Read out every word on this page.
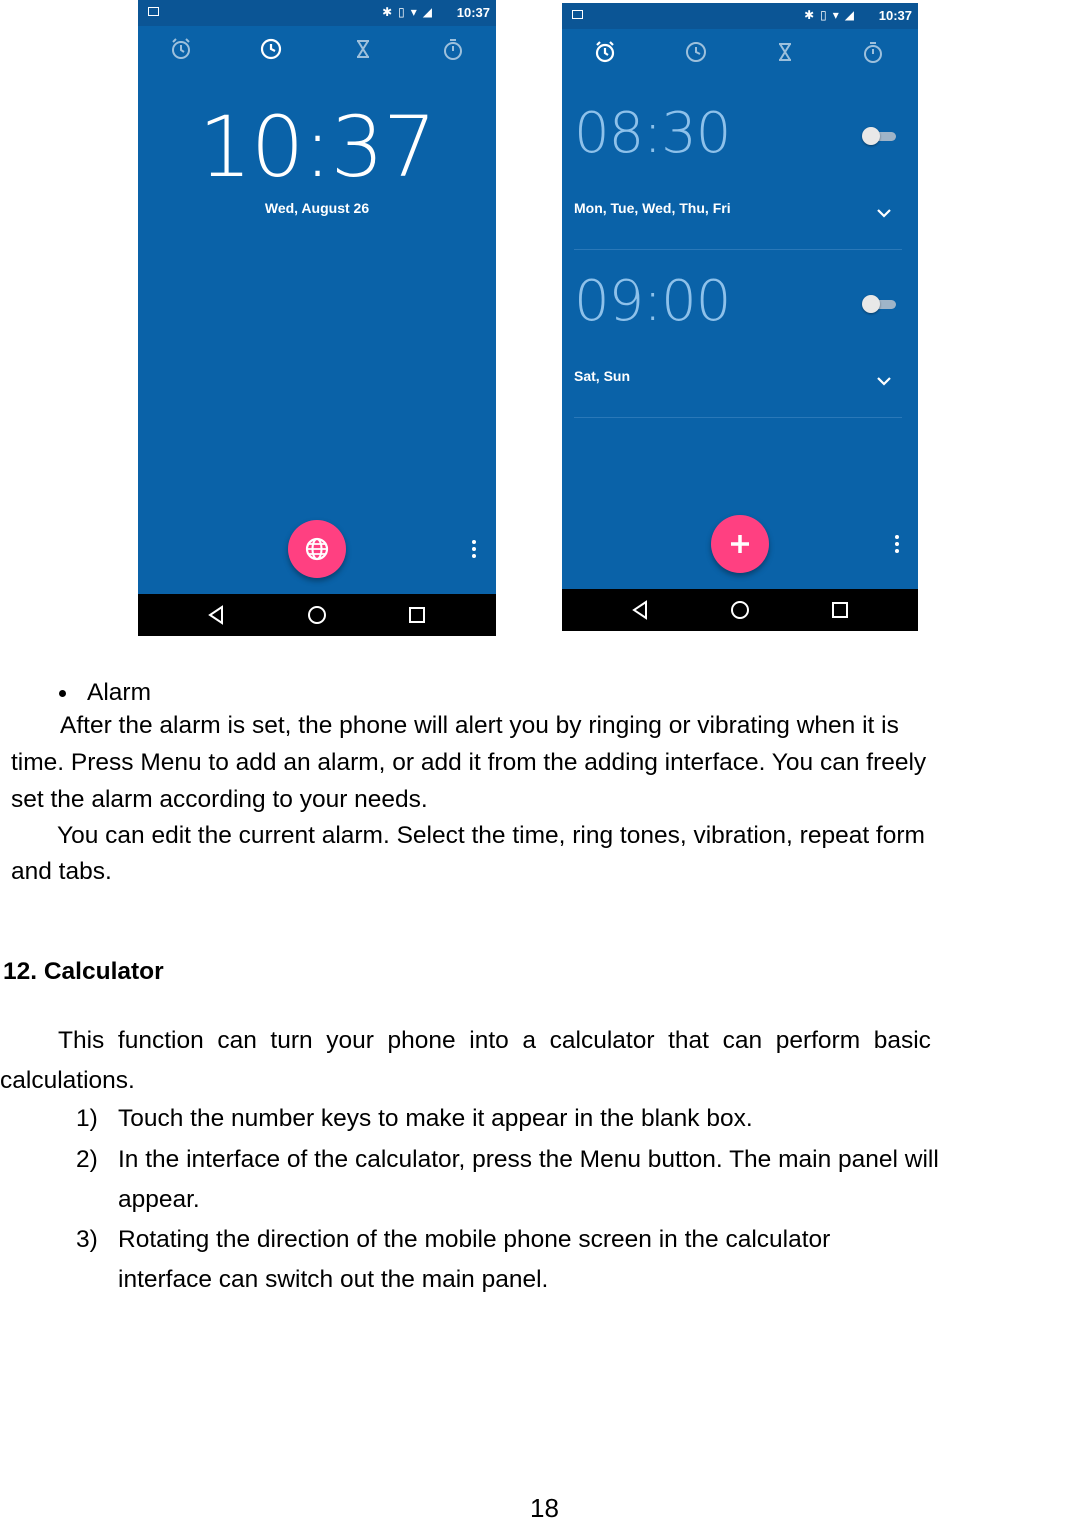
✱▯▾◢ 10:37
10:37
Wed, August 26
✱▯▾◢ 10:37
08:30
Mon, Tue, Wed, Thu, Fri
09:00
Sat, Sun
Alarm
After the alarm is set, the phone will alert you by ringing or vibrating when it is
time. Press Menu to add an alarm, or add it from the adding interface. You can freely
set the alarm according to your needs.
You can edit the current alarm. Select the time, ring tones, vibration, repeat form
and tabs.
12. Calculator
This  function  can  turn  your  phone  into  a  calculator  that  can  perform  basic
calculations.
1) Touch the number keys to make it appear in the blank box.
2) In the interface of the calculator, press the Menu button. The main panel will
appear.
3) Rotating the direction of the mobile phone screen in the calculator
interface can switch out the main panel.
18
